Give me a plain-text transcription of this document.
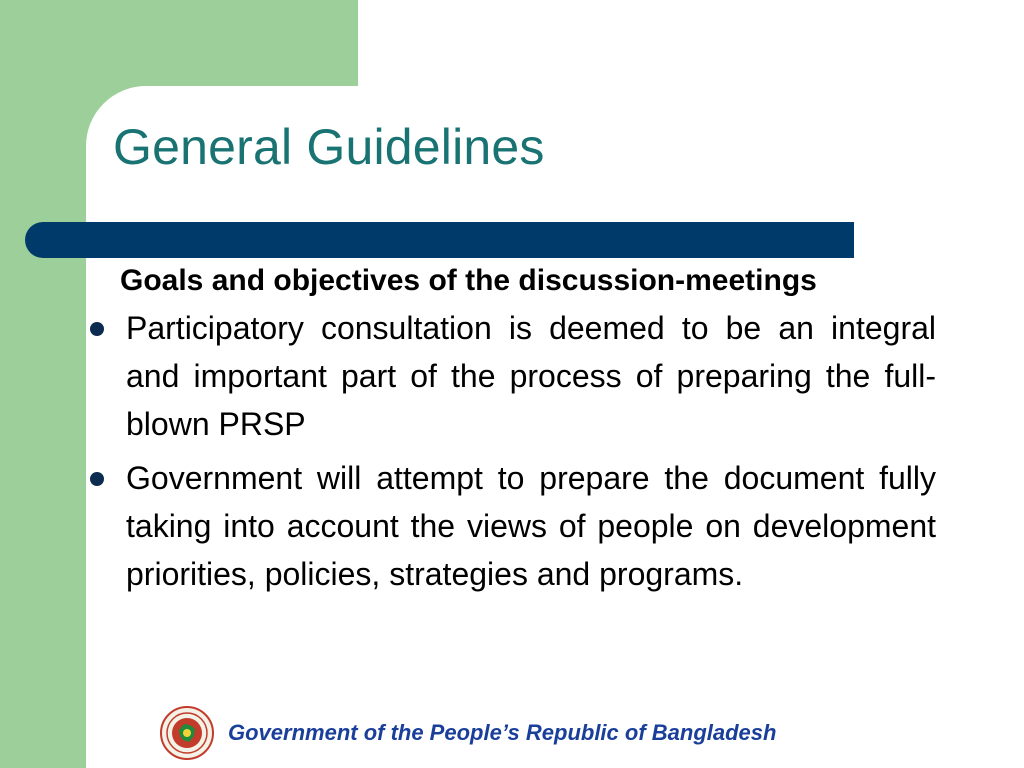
General Guidelines

Goals and objectives of the discussion-meetings

Participatory consultation is deemed to be an integral and important part of the process of preparing the full-blown PRSP
Government will attempt to prepare the document fully taking into account the views of people on development priorities, policies, strategies and programs.
Government of the People’s Republic of Bangladesh
